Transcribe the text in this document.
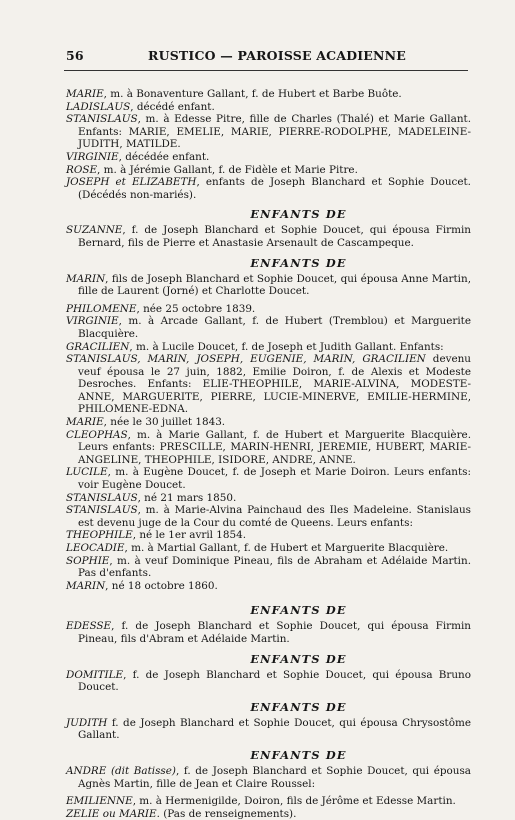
56	RUSTICO — PAROISSE ACADIENNE

MARIE, m. à Bonaventure Gallant, f. de Hubert et Barbe Buôte.

LADISLAUS, décédé enfant.

STANISLAUS, m. à Edesse Pitre, fille de Charles (Thalé) et Marie Gallant. Enfants: MARIE, EMELIE, MARIE, PIERRE-RODOLPHE, MADELEINE-JUDITH, MATILDE.

VIRGINIE, décédée enfant.

ROSE, m. à Jérémie Gallant, f. de Fidèle et Marie Pitre.

JOSEPH et ELIZABETH, enfants de Joseph Blanchard et Sophie Doucet. (Décédés non-mariés).

ENFANTS DE

SUZANNE, f. de Joseph Blanchard et Sophie Doucet, qui épousa Firmin Bernard, fils de Pierre et Anastasie Arsenault de Cascampeque.

ENFANTS DE

MARIN, fils de Joseph Blanchard et Sophie Doucet, qui épousa Anne Martin, fille de Laurent (Jorné) et Charlotte Doucet.

PHILOMENE, née 25 octobre 1839.

VIRGINIE, m. à Arcade Gallant, f. de Hubert (Tremblou) et Marguerite Blacquière.

GRACILIEN, m. à Lucile Doucet, f. de Joseph et Judith Gallant. Enfants:

STANISLAUS, MARIN, JOSEPH, EUGENIE, MARIN, GRACILIEN devenu veuf épousa le 27 juin, 1882, Emilie Doiron, f. de Alexis et Modeste Desroches. Enfants: ELIE-THEOPHILE, MARIE-ALVINA, MODESTE-ANNE, MARGUERITE, PIERRE, LUCIE-MINERVE, EMILIE-HERMINE, PHILOMENE-EDNA.

MARIE, née le 30 juillet 1843.

CLEOPHAS, m. à Marie Gallant, f. de Hubert et Marguerite Blacquière. Leurs enfants: PRESCILLE, MARIN-HENRI, JEREMIE, HUBERT, MARIE-ANGELINE, THEOPHILE, ISIDORE, ANDRE, ANNE.

LUCILE, m. à Eugène Doucet, f. de Joseph et Marie Doiron. Leurs enfants: voir Eugène Doucet.

STANISLAUS, né 21 mars 1850.

STANISLAUS, m. à Marie-Alvina Painchaud des Iles Madeleine. Stanislaus est devenu juge de la Cour du comté de Queens. Leurs enfants:

THEOPHILE, né le 1er avril 1854.

LEOCADIE, m. à Martial Gallant, f. de Hubert et Marguerite Blacquière.

SOPHIE, m. à veuf Dominique Pineau, fils de Abraham et Adélaide Martin. Pas d'enfants.

MARIN, né 18 octobre 1860.

ENFANTS DE

EDESSE, f. de Joseph Blanchard et Sophie Doucet, qui épousa Firmin Pineau, fils d'Abram et Adélaide Martin.

ENFANTS DE

DOMITILE, f. de Joseph Blanchard et Sophie Doucet, qui épousa Bruno Doucet.

ENFANTS DE

JUDITH f. de Joseph Blanchard et Sophie Doucet, qui épousa Chrysostôme Gallant.

ENFANTS DE

ANDRE (dit Batisse), f. de Joseph Blanchard et Sophie Doucet, qui épousa Agnès Martin, fille de Jean et Claire Roussel:

EMILIENNE, m. à Hermenigilde, Doiron, fils de Jérôme et Edesse Martin.

ZELIE ou MARIE. (Pas de renseignements).
